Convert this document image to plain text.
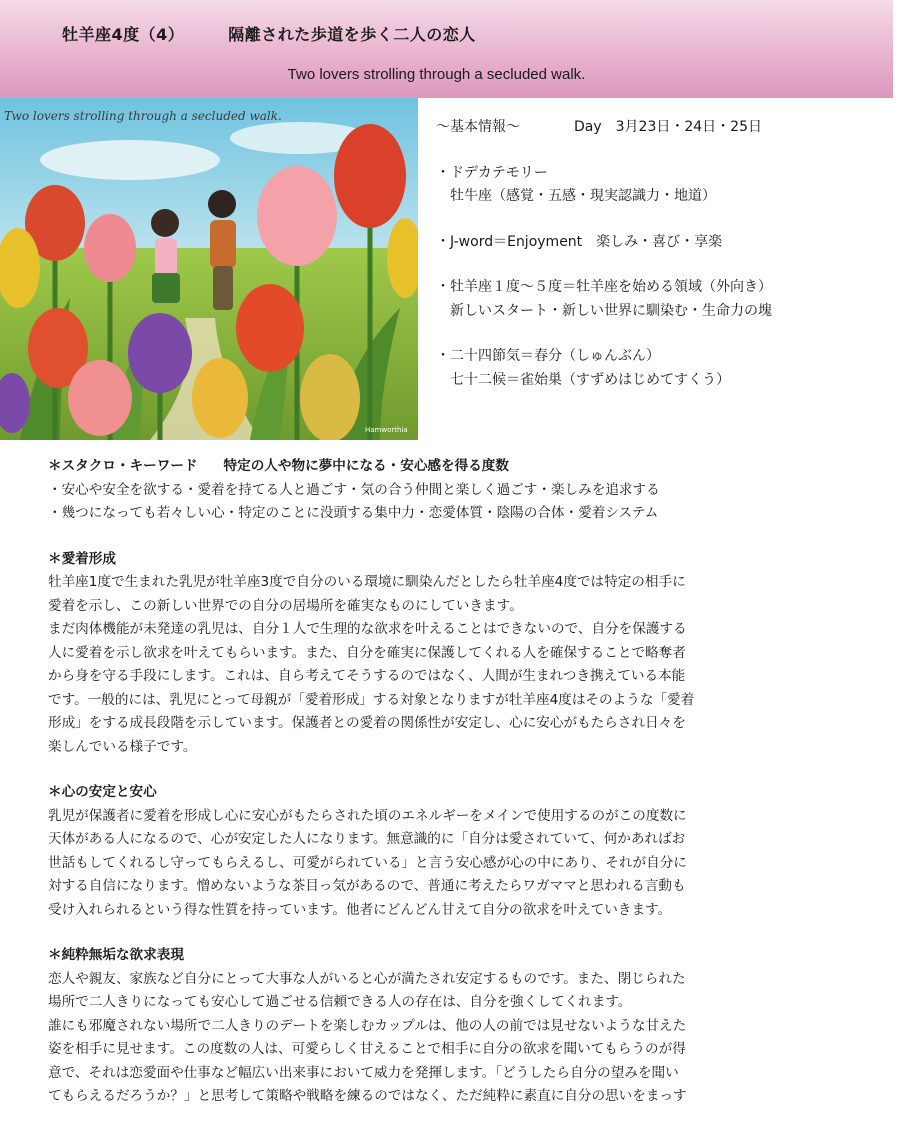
牡羊座4度（4）	隔離された歩道を歩く二人の恋人
Two lovers strolling through a secluded walk.
Two lovers strolling through a secluded walk.
Hamworthia
〜基本情報〜	Day　3月23日・24日・25日
・ドデカテモリー
　牡牛座（感覚・五感・現実認識力・地道）
・J-word＝Enjoyment　楽しみ・喜び・享楽
・牡羊座１度〜５度＝牡羊座を始める領域（外向き）
　新しいスタート・新しい世界に馴染む・生命力の塊
・二十四節気＝春分（しゅんぶん）
　七十二候＝雀始巣（すずめはじめてすくう）
＊スタクロ・キーワード 特定の人や物に夢中になる・安心感を得る度数
・安心や安全を欲する・愛着を持てる人と過ごす・気の合う仲間と楽しく過ごす・楽しみを追求する
・幾つになっても若々しい心・特定のことに没頭する集中力・恋愛体質・陰陽の合体・愛着システム
＊愛着形成

牡羊座1度で生まれた乳児が牡羊座3度で自分のいる環境に馴染んだとしたら牡羊座4度では特定の相手に

愛着を示し、この新しい世界での自分の居場所を確実なものにしていきます。

まだ肉体機能が未発達の乳児は、自分１人で生理的な欲求を叶えることはできないので、自分を保護する

人に愛着を示し欲求を叶えてもらいます。また、自分を確実に保護してくれる人を確保することで略奪者

から身を守る手段にします。これは、自ら考えてそうするのではなく、人間が生まれつき携えている本能

です。一般的には、乳児にとって母親が「愛着形成」する対象となりますが牡羊座4度はそのような「愛着

形成」をする成長段階を示しています。保護者との愛着の関係性が安定し、心に安心がもたらされ日々を

楽しんでいる様子です。

＊心の安定と安心

乳児が保護者に愛着を形成し心に安心がもたらされた頃のエネルギーをメインで使用するのがこの度数に

天体がある人になるので、心が安定した人になります。無意識的に「自分は愛されていて、何かあればお

世話もしてくれるし守ってもらえるし、可愛がられている」と言う安心感が心の中にあり、それが自分に

対する自信になります。憎めないような茶目っ気があるので、普通に考えたらワガママと思われる言動も

受け入れられるという得な性質を持っています。他者にどんどん甘えて自分の欲求を叶えていきます。

＊純粋無垢な欲求表現

恋人や親友、家族など自分にとって大事な人がいると心が満たされ安定するものです。また、閉じられた

場所で二人きりになっても安心して過ごせる信頼できる人の存在は、自分を強くしてくれます。

誰にも邪魔されない場所で二人きりのデートを楽しむカップルは、他の人の前では見せないような甘えた

姿を相手に見せます。この度数の人は、可愛らしく甘えることで相手に自分の欲求を聞いてもらうのが得

意で、それは恋愛面や仕事など幅広い出来事において威力を発揮します。「どうしたら自分の望みを聞い

てもらえるだろうか？」と思考して策略や戦略を練るのではなく、ただ純粋に素直に自分の思いをまっす
